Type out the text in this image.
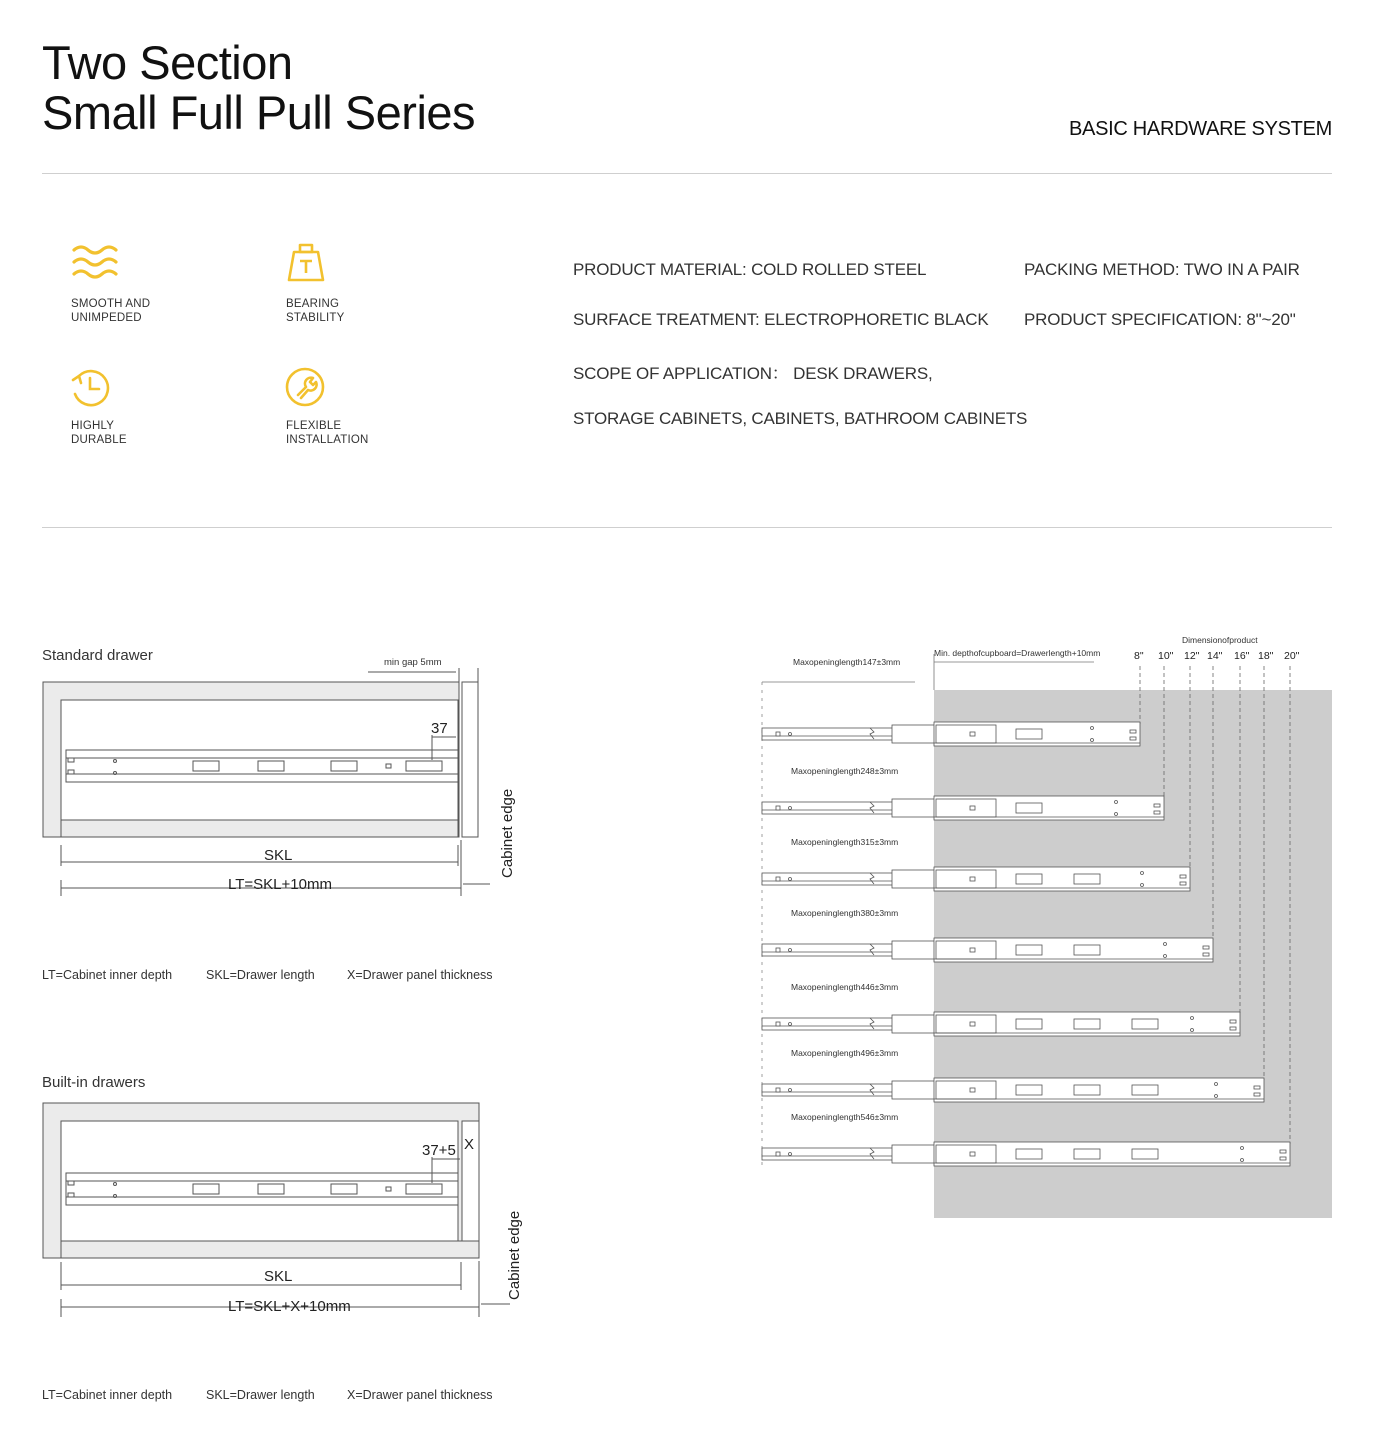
Two Section
Small Full Pull Series	BASIC HARDWARE SYSTEM
SMOOTH AND
UNIMPEDED
BEARING
STABILITY
HIGHLY
DURABLE
FLEXIBLE
INSTALLATION
PRODUCT MATERIAL: COLD ROLLED STEEL	PACKING METHOD: TWO IN A PAIR
SURFACE TREATMENT: ELECTROPHORETIC BLACK PRODUCT SPECIFICATION: 8"~20"
SCOPE OF APPLICATION： DESK DRAWERS,
STORAGE CABINETS, CABINETS, BATHROOM CABINETS
Standard drawer	min gap 5mm
37
SKL
LT=SKL+10mm
Cabinet edge
LT=Cabinet inner depth	SKL=Drawer length	X=Drawer panel thickness
Built-in drawers
37+5 X
SKL
LT=SKL+X+10mm
Cabinet edge
LT=Cabinet inner depth	SKL=Drawer length	X=Drawer panel thickness
Dimensionofproduct
Min. depthofcupboard=Drawerlength+10mm	8" 10" 12" 14" 16" 18" 20"
Maxopeninglength147±3mm
Maxopeninglength248±3mm
Maxopeninglength315±3mm
Maxopeninglength380±3mm
Maxopeninglength446±3mm
Maxopeninglength496±3mm
Maxopeninglength546±3mm
